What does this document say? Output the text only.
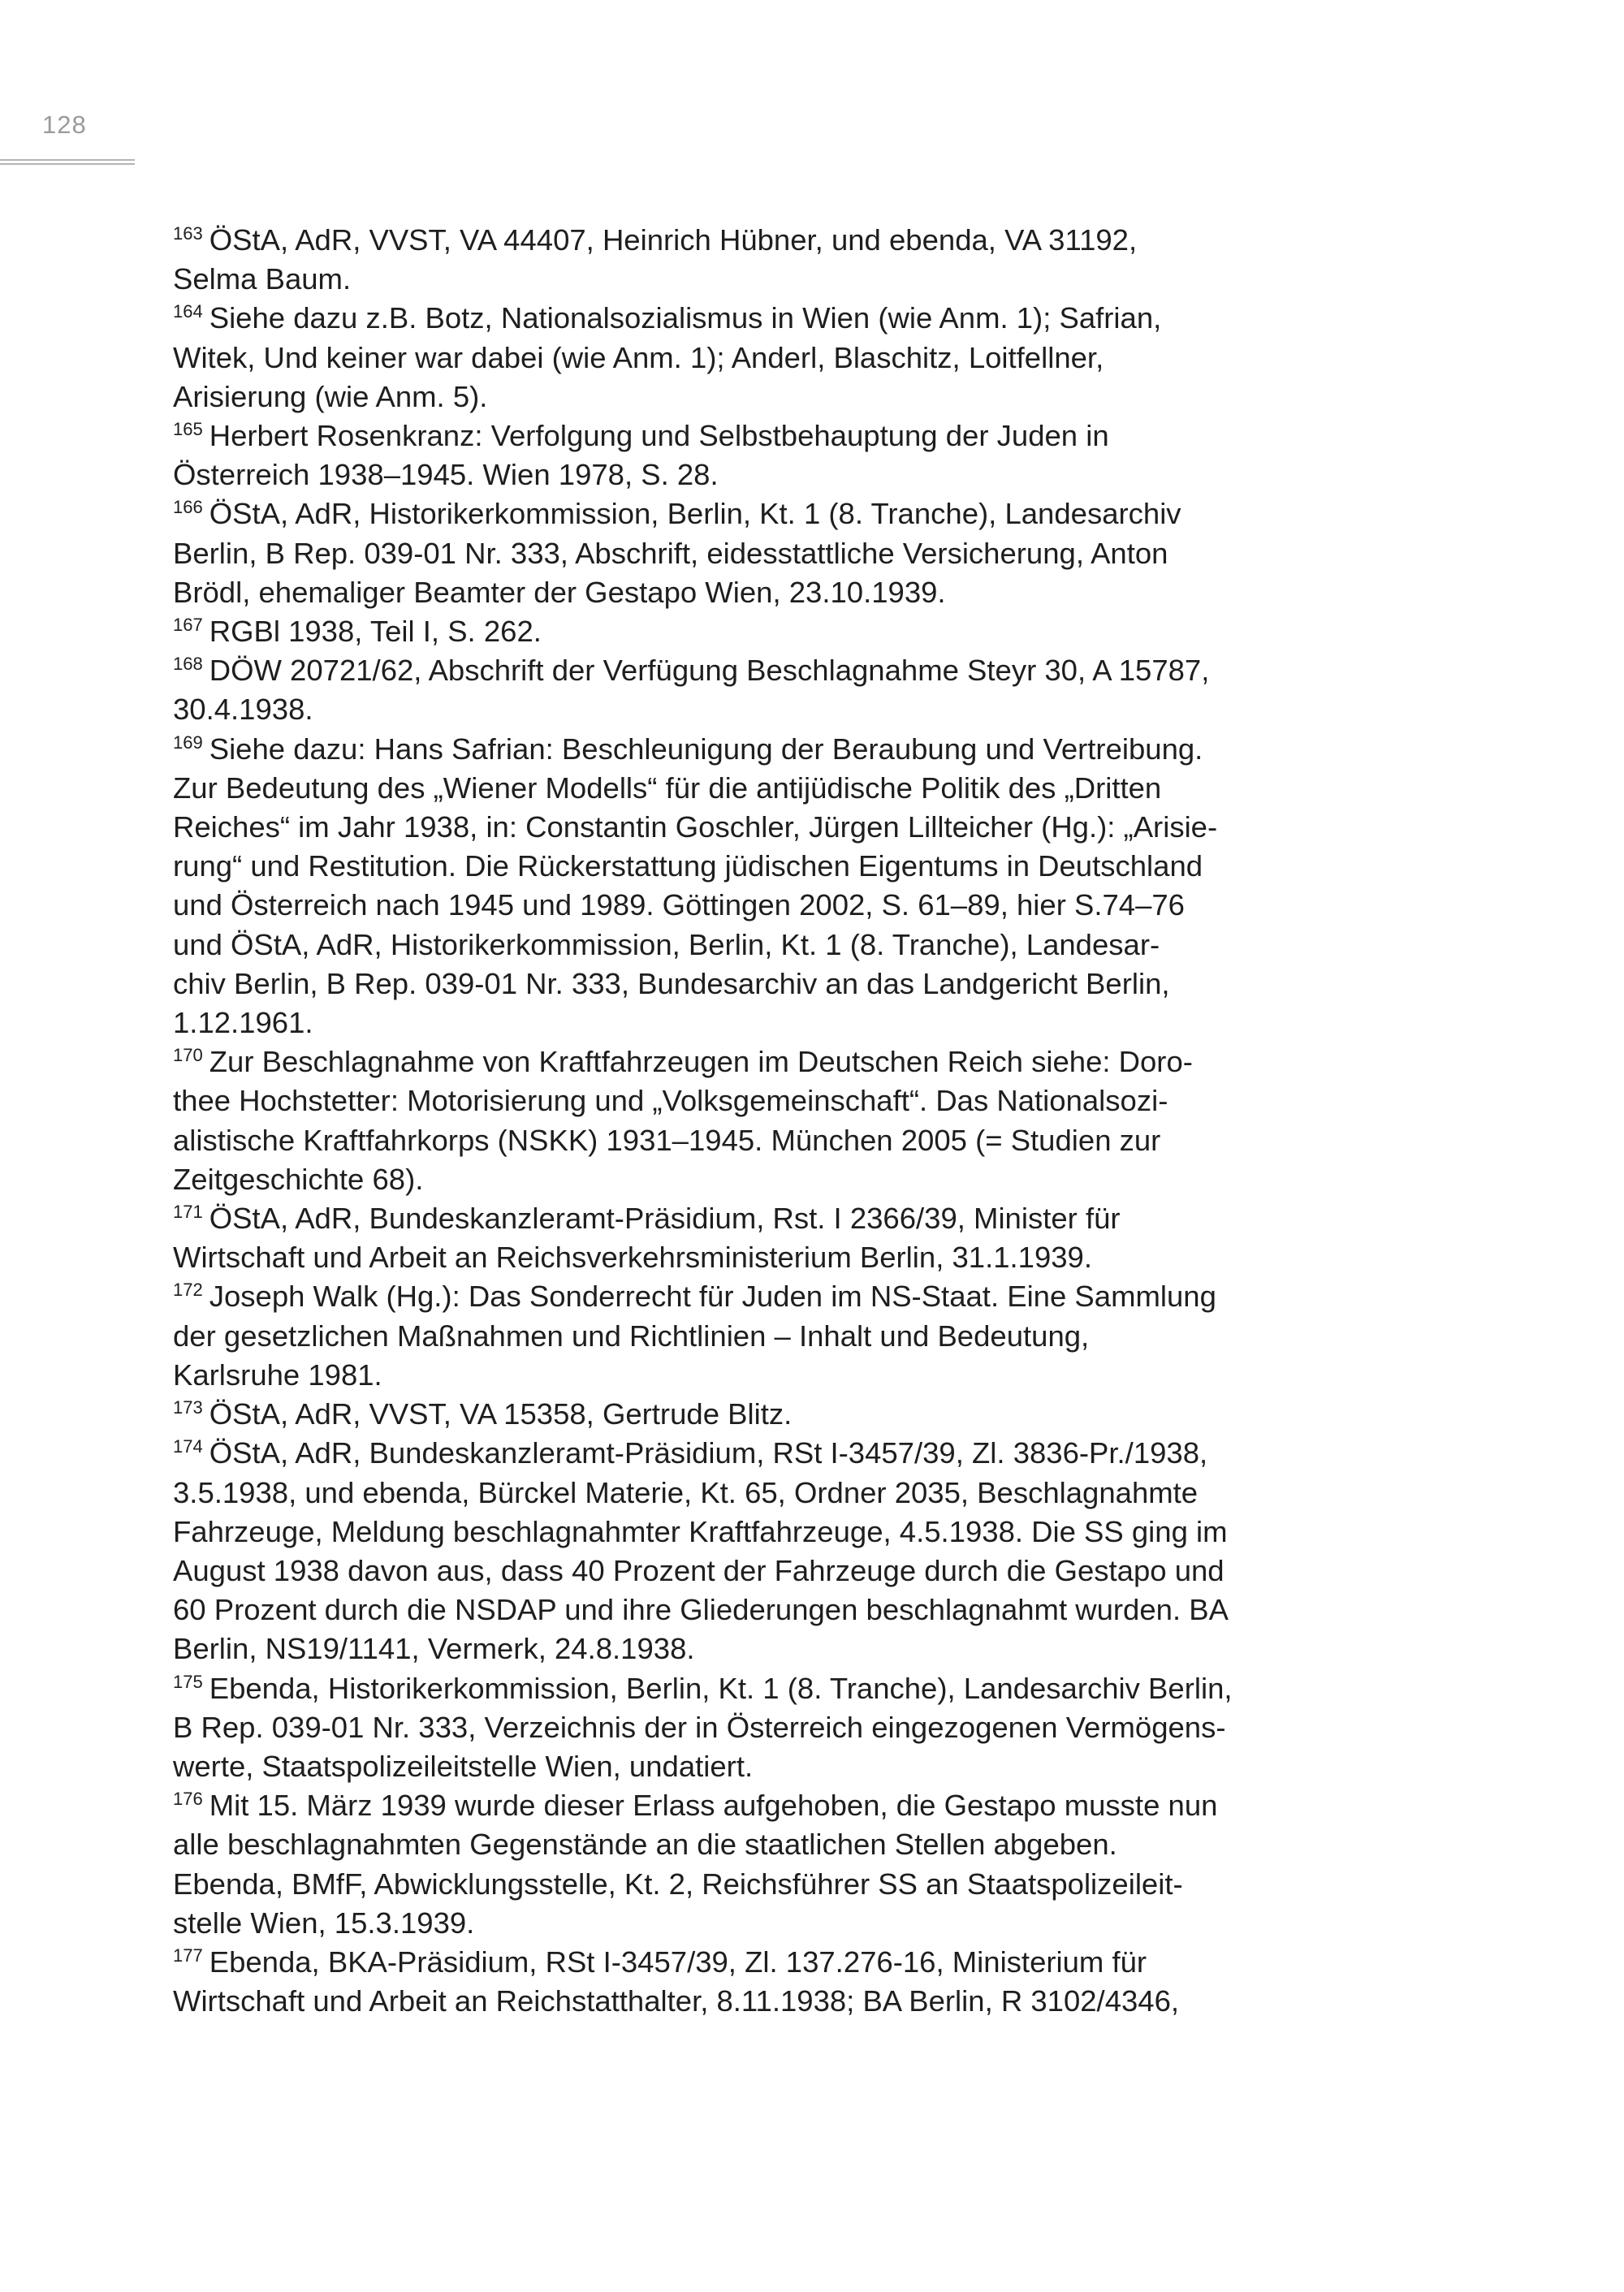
128
$^{163}$ ÖStA, AdR, VVST, VA 44407, Heinrich Hübner, und ebenda, VA 31192,
Selma Baum.
$^{164}$ Siehe dazu z.B. Botz, Nationalsozialismus in Wien (wie Anm. 1); Safrian,
Witek, Und keiner war dabei (wie Anm. 1); Anderl, Blaschitz, Loitfellner,
Arisierung (wie Anm. 5).
$^{165}$ Herbert Rosenkranz: Verfolgung und Selbstbehauptung der Juden in
Österreich 1938–1945. Wien 1978, S. 28.
$^{166}$ ÖStA, AdR, Historikerkommission, Berlin, Kt. 1 (8. Tranche), Landesarchiv
Berlin, B Rep. 039-01 Nr. 333, Abschrift, eidesstattliche Versicherung, Anton
Brödl, ehemaliger Beamter der Gestapo Wien, 23.10.1939.
$^{167}$ RGBl 1938, Teil I, S. 262.
$^{168}$ DÖW 20721/62, Abschrift der Verfügung Beschlagnahme Steyr 30, A 15787,
30.4.1938.
$^{169}$ Siehe dazu: Hans Safrian: Beschleunigung der Beraubung und Vertreibung.
Zur Bedeutung des „Wiener Modells“ für die antijüdische Politik des „Dritten
Reiches“ im Jahr 1938, in: Constantin Goschler, Jürgen Lillteicher (Hg.): „Arisie-
rung“ und Restitution. Die Rückerstattung jüdischen Eigentums in Deutschland
und Österreich nach 1945 und 1989. Göttingen 2002, S. 61–89, hier S.74–76
und ÖStA, AdR, Historikerkommission, Berlin, Kt. 1 (8. Tranche), Landesar-
chiv Berlin, B Rep. 039-01 Nr. 333, Bundesarchiv an das Landgericht Berlin,
1.12.1961.
$^{170}$ Zur Beschlagnahme von Kraftfahrzeugen im Deutschen Reich siehe: Doro-
thee Hochstetter: Motorisierung und „Volksgemeinschaft“. Das Nationalsozi-
alistische Kraftfahrkorps (NSKK) 1931–1945. München 2005 (= Studien zur
Zeitgeschichte 68).
$^{171}$ ÖStA, AdR, Bundeskanzleramt-Präsidium, Rst. I 2366/39, Minister für
Wirtschaft und Arbeit an Reichsverkehrsministerium Berlin, 31.1.1939.
$^{172}$ Joseph Walk (Hg.): Das Sonderrecht für Juden im NS-Staat. Eine Sammlung
der gesetzlichen Maßnahmen und Richtlinien – Inhalt und Bedeutung,
Karlsruhe 1981.
$^{173}$ ÖStA, AdR, VVST, VA 15358, Gertrude Blitz.
$^{174}$ ÖStA, AdR, Bundeskanzleramt-Präsidium, RSt I-3457/39, Zl. 3836-Pr./1938,
3.5.1938, und ebenda, Bürckel Materie, Kt. 65, Ordner 2035, Beschlagnahmte
Fahrzeuge, Meldung beschlagnahmter Kraftfahrzeuge, 4.5.1938. Die SS ging im
August 1938 davon aus, dass 40 Prozent der Fahrzeuge durch die Gestapo und
60 Prozent durch die NSDAP und ihre Gliederungen beschlagnahmt wurden. BA
Berlin, NS19/1141, Vermerk, 24.8.1938.
$^{175}$ Ebenda, Historikerkommission, Berlin, Kt. 1 (8. Tranche), Landesarchiv Berlin,
B Rep. 039-01 Nr. 333, Verzeichnis der in Österreich eingezogenen Vermögens-
werte, Staatspolizeileitstelle Wien, undatiert.
$^{176}$ Mit 15. März 1939 wurde dieser Erlass aufgehoben, die Gestapo musste nun
alle beschlagnahmten Gegenstände an die staatlichen Stellen abgeben.
Ebenda, BMfF, Abwicklungsstelle, Kt. 2, Reichsführer SS an Staatspolizeileit-
stelle Wien, 15.3.1939.
$^{177}$ Ebenda, BKA-Präsidium, RSt I-3457/39, Zl. 137.276-16, Ministerium für
Wirtschaft und Arbeit an Reichstatthalter, 8.11.1938; BA Berlin, R 3102/4346,
